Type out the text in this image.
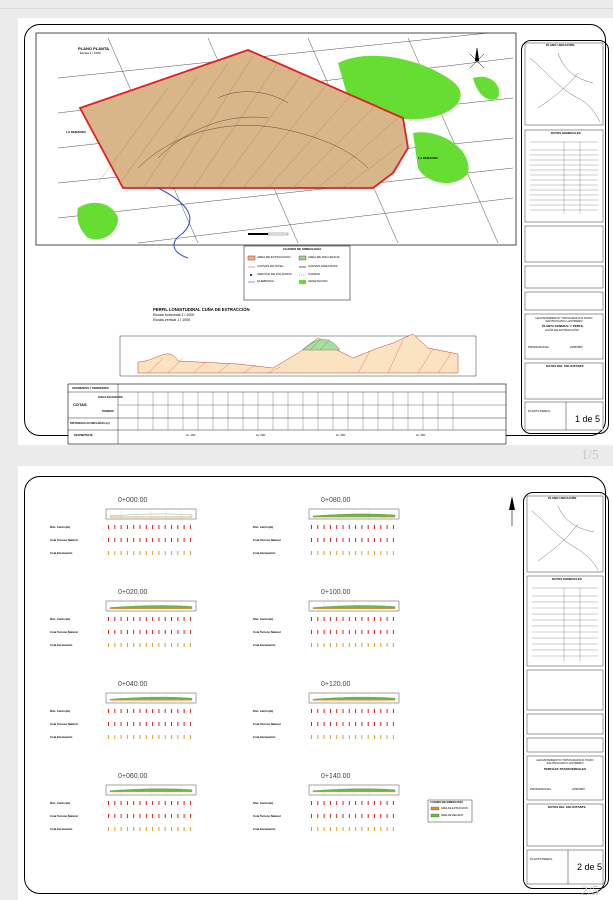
PLANO PLANTA
Escala 1 / 1000
LA DEMANDA
LA DEMANDA
CUADRO DE SIMBOLOGÍA
AREA DE EXTRACCION	AREA DE INFLUENCIA
CURVAS DE NIVEL	CURVAS MAESTRAS
VERTICE DE POLIGONO	CAMINO
QUEBRADA	VEGETACION
PERFIL LONGITUDINAL CUÑA DE EXTRACCIÓN
Escala horizontal 1 / 1000
Escala vertical 1 / 1000
GRADIENTES Y PENDIENTES
COTAS
SUELO EXCAVACIÓN
TERRENO
DISTANCIAS ACUMULADAS (m)
KILOMETRAJE	0+ 100	0+ 200	0+ 300	0+ 400
PLANO UBICACIÓN
DATOS GENERALES
LEVANTAMIENTO TOPOGRAFICO POZO SANTIFICADO LASTRERO
PLANTA GENERAL Y PERFIL
CUÑA DE EXTRACCIÓN
PROFESIONAL	APROBÓ
DATOS DEL SOLICITANTE
PLANTA PERFIL
1 de 5
1/5
0+000.00
0+020.00
0+040.00
0+060.00
0+080.00
0+100.00
0+120.00
0+140.00
Dist. Centro(m)
Cota Terreno Natural
Cota Excavación
Dist. Centro(m)
Cota Terreno Natural
Cota Excavación
Dist. Centro(m)
Cota Terreno Natural
Cota Excavación
Dist. Centro(m)
Cota Terreno Natural
Cota Excavación
Dist. Centro(m)
Cota Terreno Natural
Cota Excavación
Dist. Centro(m)
Cota Terreno Natural
Cota Excavación
Dist. Centro(m)
Cota Terreno Natural
Cota Excavación
Dist. Centro(m)
Cota Terreno Natural
Cota Excavación
CUADRO DE SIMBOLOGÍA
AREA DE EXTRACCION
AREA DE RELLENO
PLANO UBICACIÓN
DATOS GENERALES
LEVANTAMIENTO TOPOGRAFICO POZO SANTIFICADO LASTRERO
PERFILES TRANSVERSALES
PROFESIONAL	APROBÓ
DATOS DEL SOLICITANTE
PLANTA PERFIL
2 de 5
2/5
